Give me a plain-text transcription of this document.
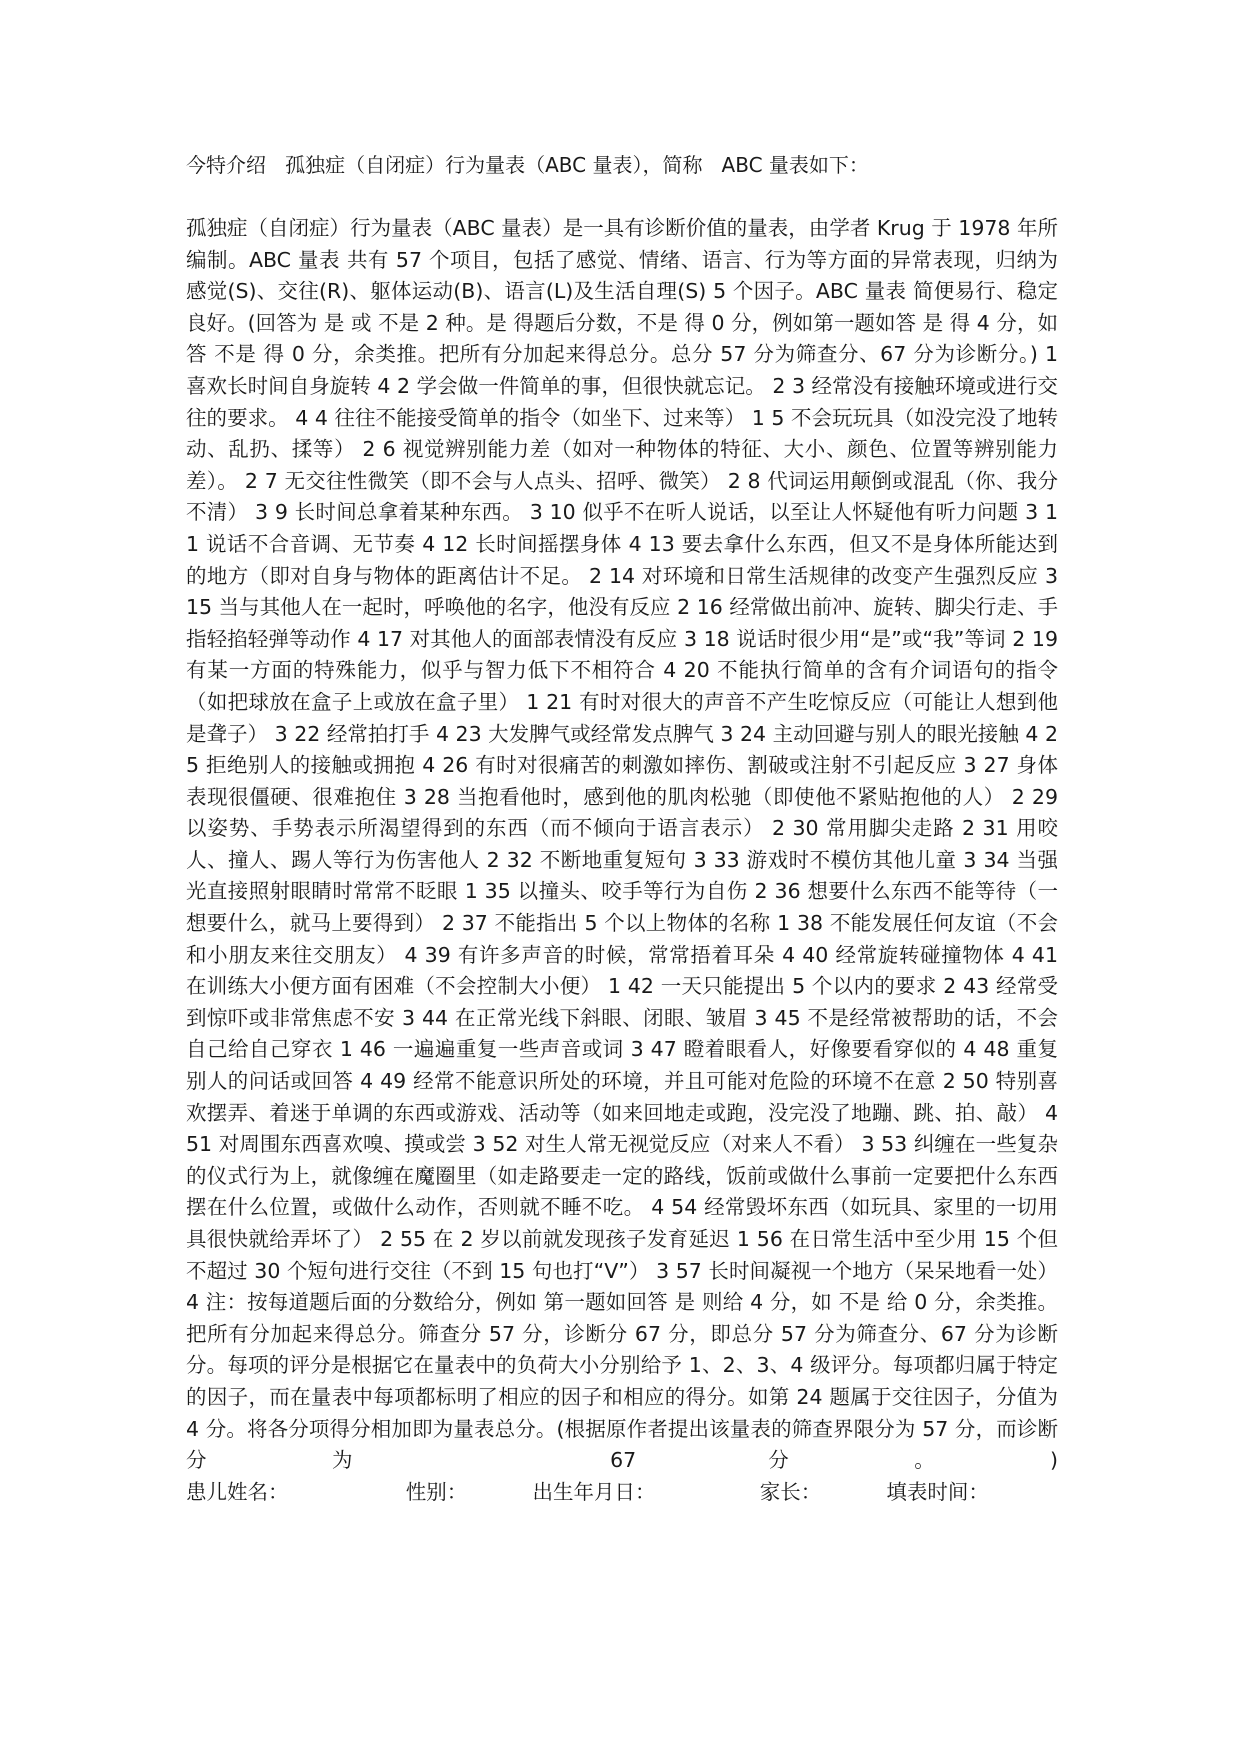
今特介绍   孤独症（自闭症）行为量表（ABC 量表），简称   ABC 量表如下：

孤独症（自闭症）行为量表（ABC 量表）是一具有诊断价值的量表，由学者 Krug 于 1978 年所编制。ABC 量表 共有 57 个项目，包括了感觉、情绪、语言、行为等方面的异常表现，归纳为感觉(S)、交往(R)、躯体运动(B)、语言(L)及生活自理(S) 5 个因子。ABC 量表 简便易行、稳定良好。(回答为 是 或 不是 2 种。是 得题后分数，不是 得 0 分，例如第一题如答 是 得 4 分，如答 不是 得 0 分，余类推。把所有分加起来得总分。总分 57 分为筛查分、67 分为诊断分。) 1 喜欢长时间自身旋转 4 2 学会做一件简单的事，但很快就忘记。 2 3 经常没有接触环境或进行交往的要求。 4 4 往往不能接受简单的指令（如坐下、过来等） 1 5 不会玩玩具（如没完没了地转动、乱扔、揉等） 2 6 视觉辨别能力差（如对一种物体的特征、大小、颜色、位置等辨别能力差）。 2 7 无交往性微笑（即不会与人点头、招呼、微笑） 2 8 代词运用颠倒或混乱（你、我分不清） 3 9 长时间总拿着某种东西。 3 10 似乎不在听人说话，以至让人怀疑他有听力问题 3 11 说话不合音调、无节奏 4 12 长时间摇摆身体 4 13 要去拿什么东西，但又不是身体所能达到的地方（即对自身与物体的距离估计不足。 2 14 对环境和日常生活规律的改变产生强烈反应 3 15 当与其他人在一起时，呼唤他的名字，他没有反应 2 16 经常做出前冲、旋转、脚尖行走、手指轻掐轻弹等动作 4 17 对其他人的面部表情没有反应 3 18 说话时很少用“是”或“我”等词 2 19 有某一方面的特殊能力，似乎与智力低下不相符合 4 20 不能执行简单的含有介词语句的指令（如把球放在盒子上或放在盒子里） 1 21 有时对很大的声音不产生吃惊反应（可能让人想到他是聋子） 3 22 经常拍打手 4 23 大发脾气或经常发点脾气 3 24 主动回避与别人的眼光接触 4 25 拒绝别人的接触或拥抱 4 26 有时对很痛苦的刺激如摔伤、割破或注射不引起反应 3 27 身体表现很僵硬、很难抱住 3 28 当抱看他时，感到他的肌肉松驰（即使他不紧贴抱他的人） 2 29 以姿势、手势表示所渴望得到的东西（而不倾向于语言表示） 2 30 常用脚尖走路 2 31 用咬人、撞人、踢人等行为伤害他人 2 32 不断地重复短句 3 33 游戏时不模仿其他儿童 3 34 当强光直接照射眼睛时常常不眨眼 1 35 以撞头、咬手等行为自伤 2 36 想要什么东西不能等待（一想要什么，就马上要得到） 2 37 不能指出 5 个以上物体的名称 1 38 不能发展任何友谊（不会和小朋友来往交朋友） 4 39 有许多声音的时候，常常捂着耳朵 4 40 经常旋转碰撞物体 4 41 在训练大小便方面有困难（不会控制大小便） 1 42 一天只能提出 5 个以内的要求 2 43 经常受到惊吓或非常焦虑不安 3 44 在正常光线下斜眼、闭眼、皱眉 3 45 不是经常被帮助的话，不会自己给自己穿衣 1 46 一遍遍重复一些声音或词 3 47 瞪着眼看人，好像要看穿似的 4 48 重复别人的问话或回答 4 49 经常不能意识所处的环境，并且可能对危险的环境不在意 2 50 特别喜欢摆弄、着迷于单调的东西或游戏、活动等（如来回地走或跑，没完没了地蹦、跳、拍、敲） 4 51 对周围东西喜欢嗅、摸或尝 3 52 对生人常无视觉反应（对来人不看） 3 53 纠缠在一些复杂的仪式行为上，就像缠在魔圈里（如走路要走一定的路线，饭前或做什么事前一定要把什么东西摆在什么位置，或做什么动作，否则就不睡不吃。 4 54 经常毁坏东西（如玩具、家里的一切用具很快就给弄坏了） 2 55 在 2 岁以前就发现孩子发育延迟 1 56 在日常生活中至少用 15 个但不超过 30 个短句进行交往（不到 15 句也打“V”） 3 57 长时间凝视一个地方（呆呆地看一处） 4 注：按每道题后面的分数给分，例如 第一题如回答 是 则给 4 分，如 不是 给 0 分，余类推。把所有分加起来得总分。筛查分 57 分，诊断分 67 分，即总分 57 分为筛查分、67 分为诊断分。每项的评分是根据它在量表中的负荷大小分别给予 1、2、3、4 级评分。每项都归属于特定的因子，而在量表中每项都标明了相应的因子和相应的得分。如第 24 题属于交往因子，分值为 4 分。将各分项得分相加即为量表总分。(根据原作者提出该量表的筛查界限分为 57 分，而诊断分为 67 分。) 患儿姓名：                  性别：          出生年月日：                家长：          填表时间：
